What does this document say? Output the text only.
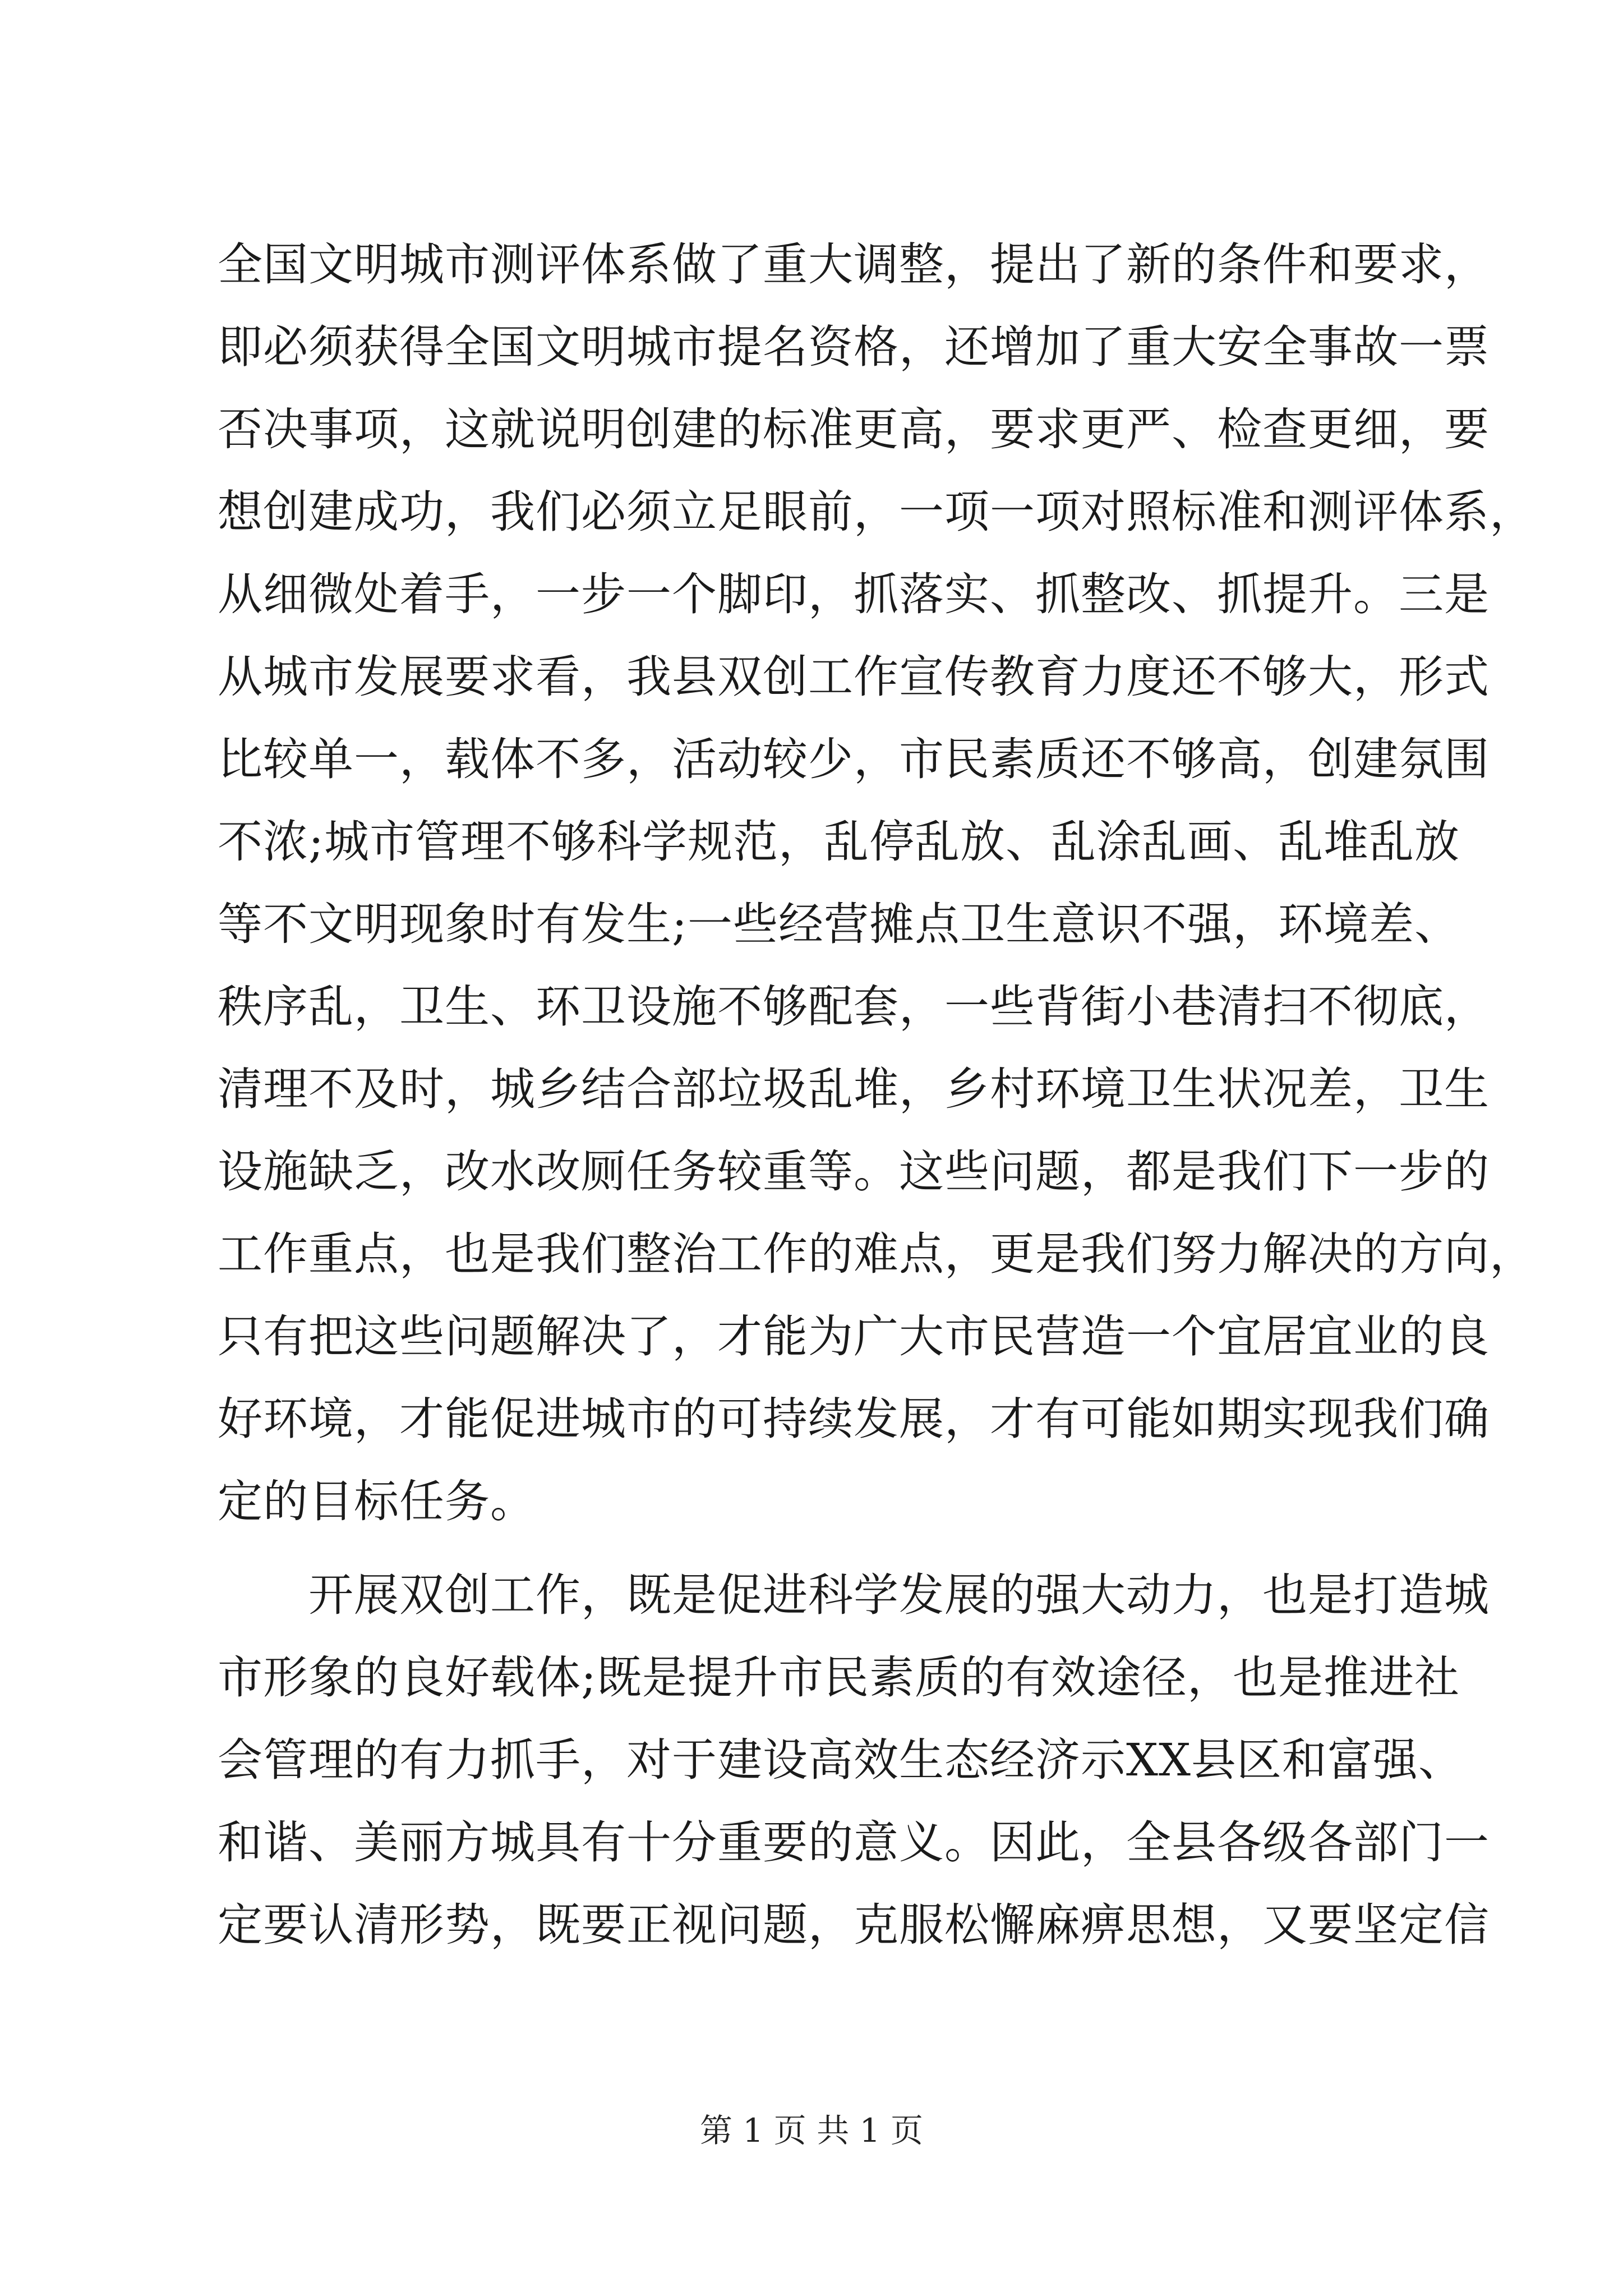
全国文明城市测评体系做了重大调整，提出了新的条件和要求，
即必须获得全国文明城市提名资格，还增加了重大安全事故一票
否决事项，这就说明创建的标准更高，要求更严、检查更细，要
想创建成功，我们必须立足眼前，一项一项对照标准和测评体系，
从细微处着手，一步一个脚印，抓落实、抓整改、抓提升。三是
从城市发展要求看，我县双创工作宣传教育力度还不够大，形式
比较单一，载体不多，活动较少，市民素质还不够高，创建氛围
不浓;城市管理不够科学规范，乱停乱放、乱涂乱画、乱堆乱放
等不文明现象时有发生;一些经营摊点卫生意识不强，环境差、
秩序乱，卫生、环卫设施不够配套，一些背街小巷清扫不彻底，
清理不及时，城乡结合部垃圾乱堆，乡村环境卫生状况差，卫生
设施缺乏，改水改厕任务较重等。这些问题，都是我们下一步的
工作重点，也是我们整治工作的难点，更是我们努力解决的方向，
只有把这些问题解决了，才能为广大市民营造一个宜居宜业的良
好环境，才能促进城市的可持续发展，才有可能如期实现我们确
定的目标任务。
　　开展双创工作，既是促进科学发展的强大动力，也是打造城
市形象的良好载体;既是提升市民素质的有效途径，也是推进社
会管理的有力抓手，对于建设高效生态经济示XX县区和富强、
和谐、美丽方城具有十分重要的意义。因此，全县各级各部门一
定要认清形势，既要正视问题，克服松懈麻痹思想，又要坚定信
第 1 页 共 1 页
